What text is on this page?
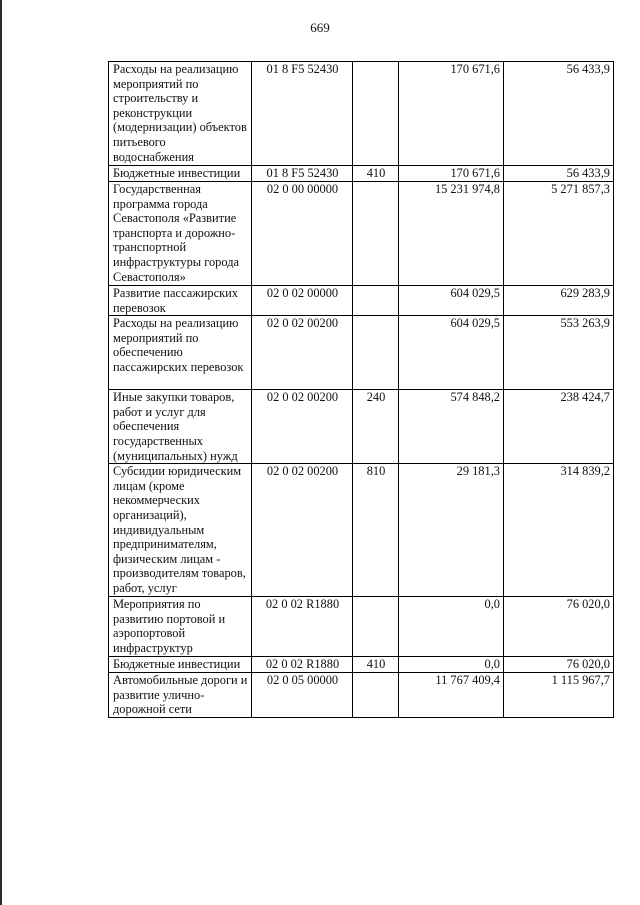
669
Расходы на реализацию мероприятий по строительству и реконструкции (модернизации) объектов питьевого водоснабжения	01 8 F5 52430		170 671,6	56 433,9
Бюджетные инвестиции	01 8 F5 52430	410	170 671,6	56 433,9
Государственная программа города Севастополя «Развитие транспорта и дорожно-транспортной инфраструктуры города Севастополя»	02 0 00 00000		15 231 974,8	5 271 857,3
Развитие пассажирских перевозок	02 0 02 00000		604 029,5	629 283,9
Расходы на реализацию мероприятий по обеспечению пассажирских перевозок	02 0 02 00200		604 029,5	553 263,9
Иные закупки товаров, работ и услуг для обеспечения государственных (муниципальных) нужд	02 0 02 00200	240	574 848,2	238 424,7
Субсидии юридическим лицам (кроме некоммерческих организаций), индивидуальным предпринимателям, физическим лицам - производителям товаров, работ, услуг	02 0 02 00200	810	29 181,3	314 839,2
Мероприятия по развитию портовой и аэропортовой инфраструктур	02 0 02 R1880		0,0	76 020,0
Бюджетные инвестиции	02 0 02 R1880	410	0,0	76 020,0
Автомобильные дороги и развитие улично-дорожной сети	02 0 05 00000		11 767 409,4	1 115 967,7
